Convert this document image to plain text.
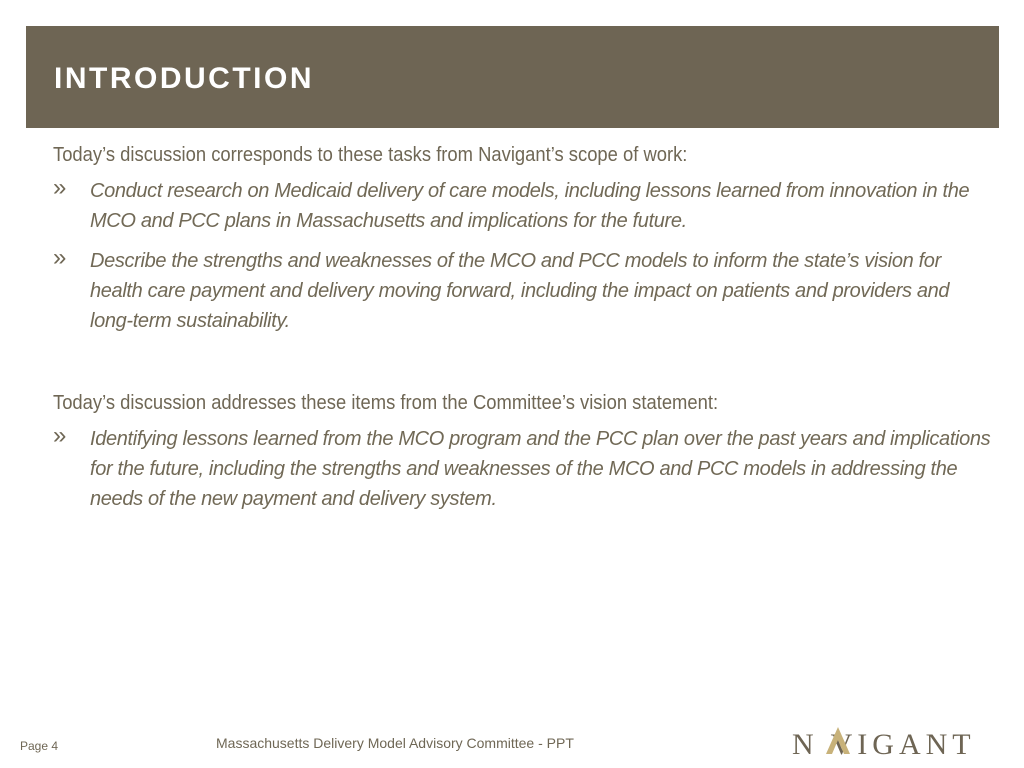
INTRODUCTION

Today’s discussion corresponds to these tasks from Navigant’s scope of work:

» Conduct research on Medicaid delivery of care models, including lessons learned from innovation in the MCO and PCC plans in Massachusetts and implications for the future.
» Describe the strengths and weaknesses of the MCO and PCC models to inform the state’s vision for health care payment and delivery moving forward, including the impact on patients and providers and long-term sustainability.

Today’s discussion addresses these items from the Committee’s vision statement:

» Identifying lessons learned from the MCO program and the PCC plan over the past years and implications for the future, including the strengths and weaknesses of the MCO and PCC models in addressing the needs of the new payment and delivery system.
Page 4	Massachusetts Delivery Model Advisory Committee - PPT	N VIGANT
